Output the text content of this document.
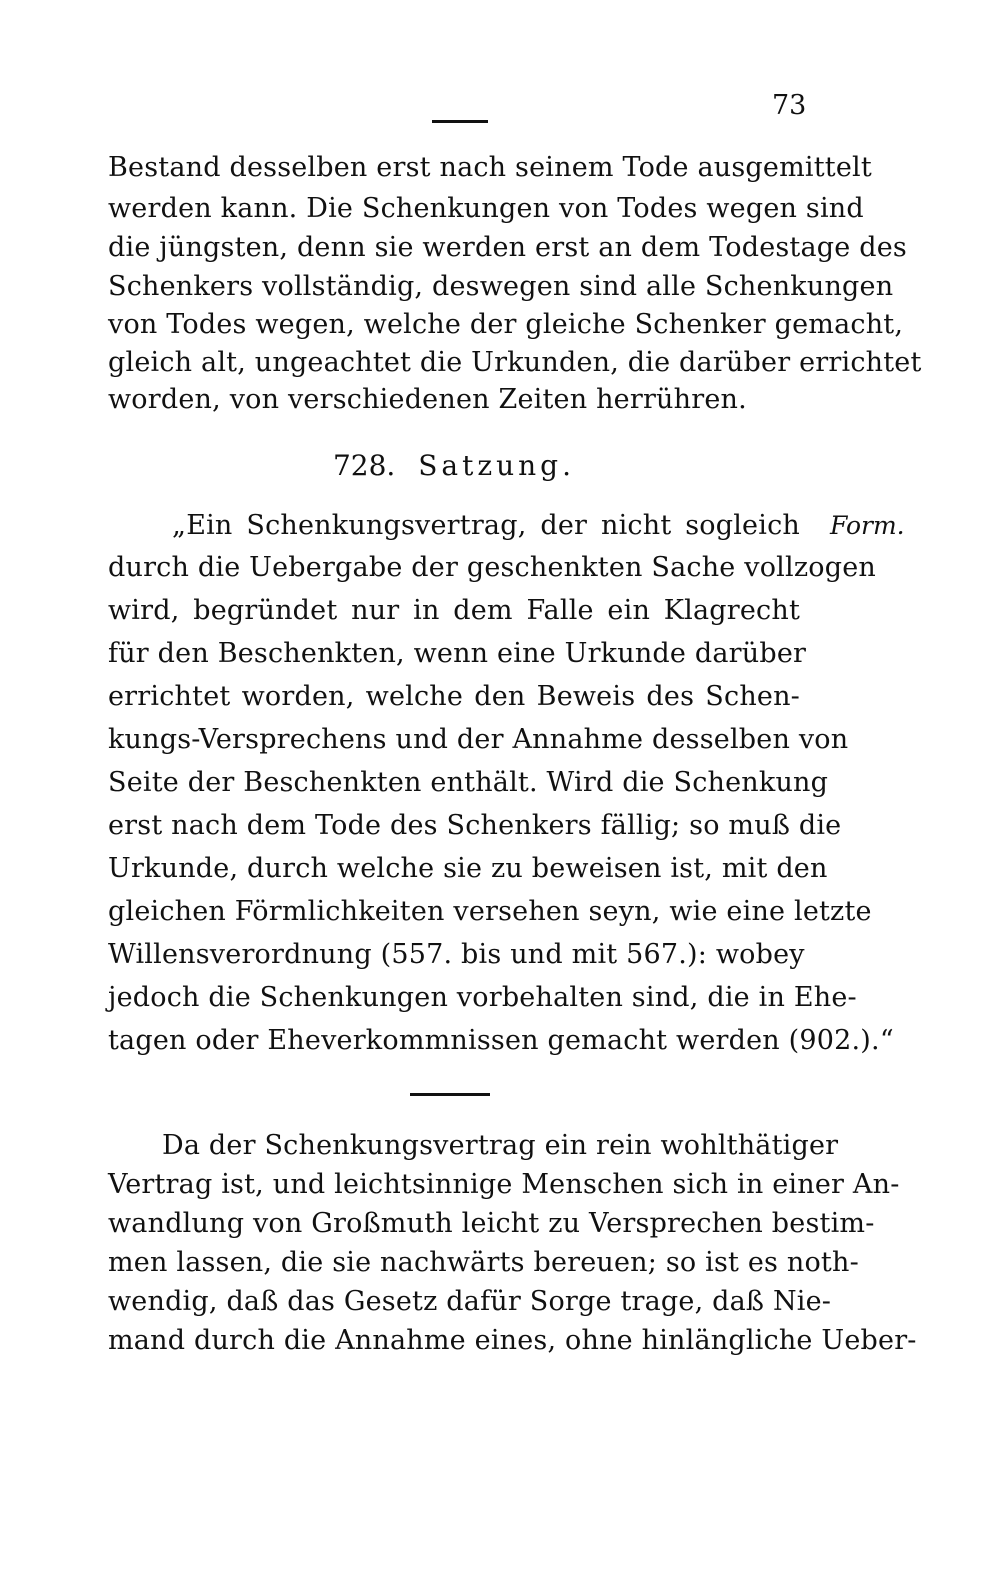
73
Bestand desselben erst nach seinem Tode ausgemittelt
werden kann. Die Schenkungen von Todes wegen sind
die jüngsten, denn sie werden erst an dem Todestage des
Schenkers vollständig, deswegen sind alle Schenkungen
von Todes wegen, welche der gleiche Schenker gemacht,
gleich alt, ungeachtet die Urkunden, die darüber errichtet
worden, von verschiedenen Zeiten herrühren.
728. Satzung.
Form.
„Ein Schenkungsvertrag, der nicht sogleich
durch die Uebergabe der geschenkten Sache vollzogen
wird, begründet nur in dem Falle ein Klagrecht
für den Beschenkten, wenn eine Urkunde darüber
errichtet worden, welche den Beweis des Schen-
kungs-Versprechens und der Annahme desselben von
Seite der Beschenkten enthält. Wird die Schenkung
erst nach dem Tode des Schenkers fällig; so muß die
Urkunde, durch welche sie zu beweisen ist, mit den
gleichen Förmlichkeiten versehen seyn, wie eine letzte
Willensverordnung (557. bis und mit 567.): wobey
jedoch die Schenkungen vorbehalten sind, die in Ehe-
tagen oder Eheverkommnissen gemacht werden (902.).“
Da der Schenkungsvertrag ein rein wohlthätiger
Vertrag ist, und leichtsinnige Menschen sich in einer An-
wandlung von Großmuth leicht zu Versprechen bestim-
men lassen, die sie nachwärts bereuen; so ist es noth-
wendig, daß das Gesetz dafür Sorge trage, daß Nie-
mand durch die Annahme eines, ohne hinlängliche Ueber-
